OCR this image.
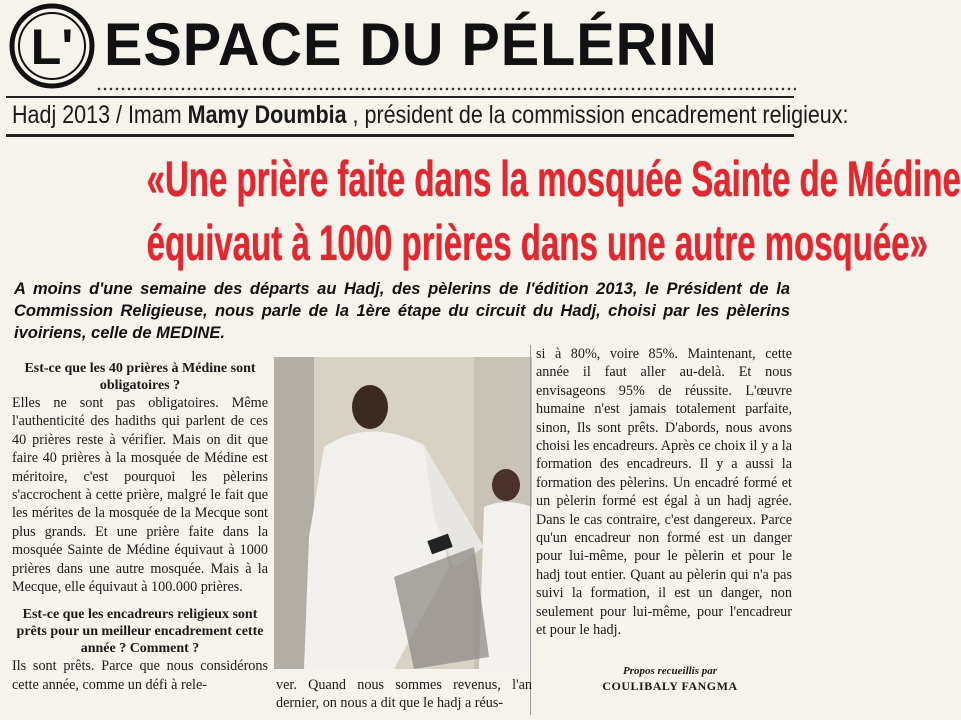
L' ESPACE DU PÉLÉRIN
Hadj 2013 / Imam Mamy Doumbia , président de la commission encadrement religieux:
«Une prière faite dans la mosquée Sainte de Médine
équivaut à 1000 prières dans une autre mosquée»
A moins d'une semaine des départs au Hadj, des pèlerins de l'édition 2013, le Président de la Commission Religieuse, nous parle de la 1ère étape du circuit du Hadj, choisi par les pèlerins ivoiriens, celle de MEDINE.
Est-ce que les 40 prières à Médine sont obligatoires ?
Elles ne sont pas obligatoires. Même l'authenticité des hadiths qui parlent de ces 40 prières reste à vérifier. Mais on dit que faire 40 prières à la mosquée de Médine est méritoire, c'est pourquoi les pèlerins s'accrochent à cette prière, malgré le fait que les mérites de la mosquée de la Mecque sont plus grands. Et une prière faite dans la mosquée Sainte de Médine équivaut à 1000 prières dans une autre mosquée. Mais à la Mecque, elle équivaut à 100.000 prières.
Est-ce que les encadreurs religieux sont prêts pour un meilleur encadrement cette année ? Comment ?
Ils sont prêts. Parce que nous considérons cette année, comme un défi à rele-	ver. Quand nous sommes revenus, l'an dernier, on nous a dit que le hadj a réus-
si à 80%, voire 85%. Maintenant, cette année il faut aller au-delà. Et nous envisageons 95% de réussite. L'œuvre humaine n'est jamais totalement parfaite, sinon, Ils sont prêts. D'abords, nous avons choisi les encadreurs. Après ce choix il y a la formation des encadreurs. Il y a aussi la formation des pèlerins. Un encadré formé et un pèlerin formé est égal à un hadj agrée. Dans le cas contraire, c'est dangereux. Parce qu'un encadreur non formé est un danger pour lui-même, pour le pèlerin et pour le hadj tout entier. Quant au pèlerin qui n'a pas suivi la formation, il est un danger, non seulement pour lui-même, pour l'encadreur et pour le hadj.
Propos recueillis par
COULIBALY FANGMA
